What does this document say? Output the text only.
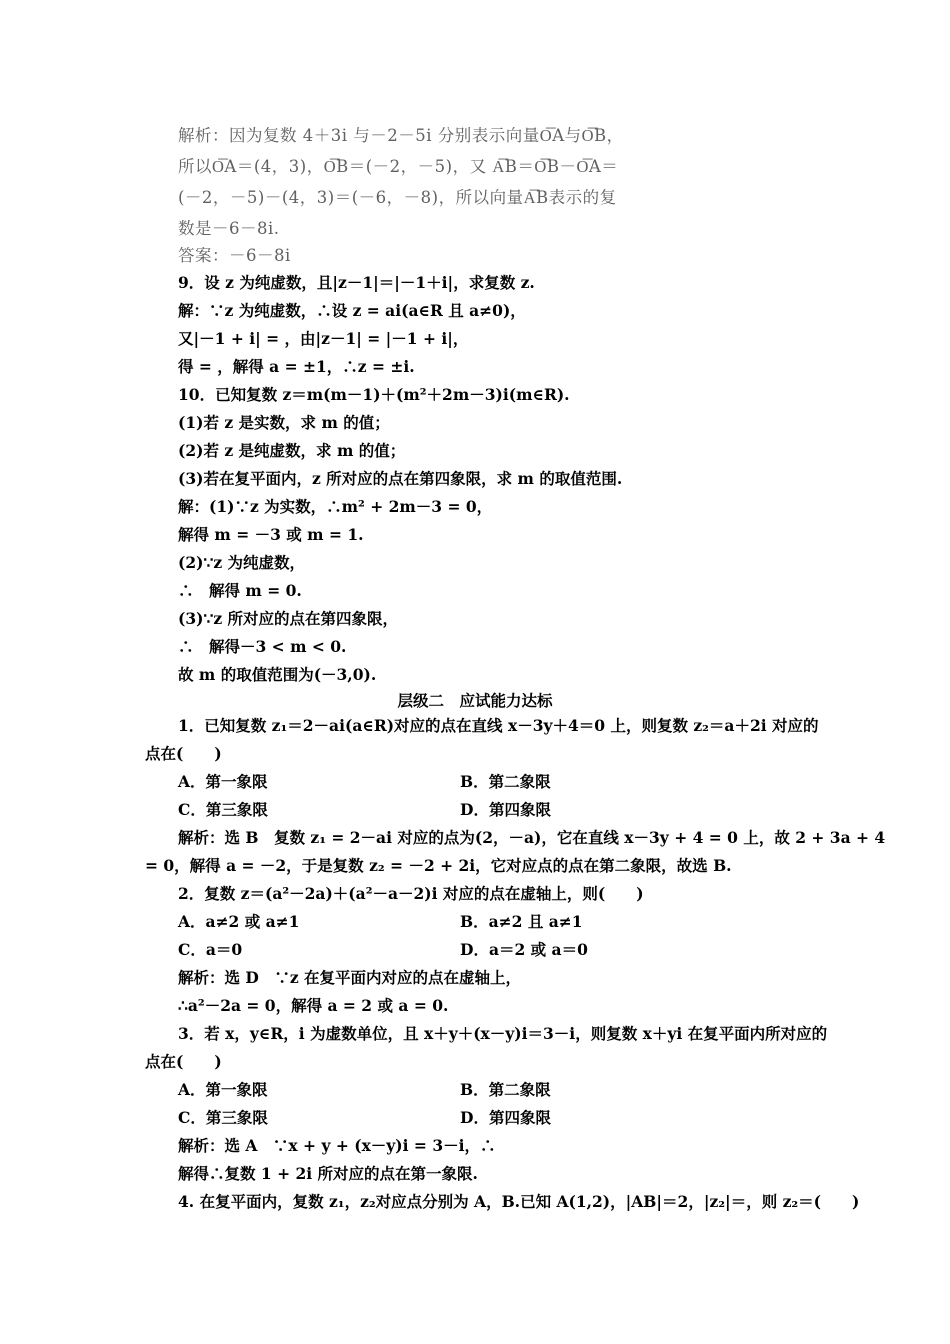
解析：因为复数 4＋3i 与－2－5i 分别表示向量O͞A与O͞B，
所以O͞A＝(4，3)，O͞B＝(－2，－5)，又 A͞B＝O͞B－O͞A＝
(－2，－5)－(4，3)＝(－6，－8)，所以向量A͞B表示的复
数是－6－8i.
答案：－6－8i
9．设 z 为纯虚数，且|z－1|＝|－1＋i|，求复数 z.
解：∵z 为纯虚数，∴设 z = ai(a∈R 且 a≠0)，
又|－1 + i| = ，由|z－1| = |－1 + i|，
得 = ，解得 a = ±1，∴z = ±i.
10．已知复数 z＝m(m－1)＋(m²＋2m－3)i(m∈R).
(1)若 z 是实数，求 m 的值；
(2)若 z 是纯虚数，求 m 的值；
(3)若在复平面内，z 所对应的点在第四象限，求 m 的取值范围.
解：(1)∵z 为实数，∴m² + 2m－3 = 0，
解得 m = －3 或 m = 1.
(2)∵z 为纯虚数，
∴　解得 m = 0.
(3)∵z 所对应的点在第四象限，
∴　解得－3 < m < 0.
故 m 的取值范围为(－3,0).
层级二　应试能力达标
1．已知复数 z₁＝2－ai(a∈R)对应的点在直线 x－3y＋4＝0 上，则复数 z₂＝a＋2i 对应的
点在(　　)
A．第一象限	B．第二象限
C．第三象限	D．第四象限
解析：选 B　复数 z₁ = 2－ai 对应的点为(2，－a)，它在直线 x－3y + 4 = 0 上，故 2 + 3a + 4
= 0，解得 a = －2，于是复数 z₂ = －2 + 2i，它对应点的点在第二象限，故选 B.
2．复数 z＝(a²－2a)＋(a²－a－2)i 对应的点在虚轴上，则(　　)
A．a≠2 或 a≠1	B．a≠2 且 a≠1
C．a＝0	D．a＝2 或 a＝0
解析：选 D　∵z 在复平面内对应的点在虚轴上，
∴a²－2a = 0，解得 a = 2 或 a = 0.
3．若 x，y∈R，i 为虚数单位，且 x＋y＋(x－y)i＝3－i，则复数 x＋yi 在复平面内所对应的
点在(　　)
A．第一象限	B．第二象限
C．第三象限	D．第四象限
解析：选 A　∵x + y + (x－y)i = 3－i，∴
解得∴复数 1 + 2i 所对应的点在第一象限.
4. 在复平面内，复数 z₁，z₂对应点分别为 A，B.已知 A(1,2)，|AB|＝2，|z₂|＝，则 z₂＝(　　)
